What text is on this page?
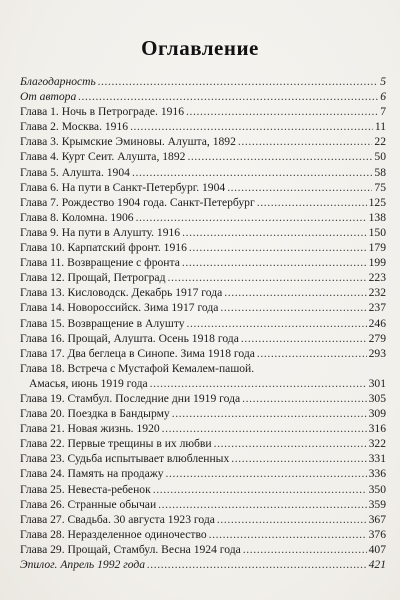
Оглавление
Благодарность .....	5
От автора .....	6
Глава 1. Ночь в Петрограде. 1916 .....	7
Глава 2. Москва. 1916 .....	11
Глава 3. Крымские Эминовы. Алушта, 1892 .....	22
Глава 4. Курт Сеит. Алушта, 1892 .....	50
Глава 5. Алушта. 1904 .....	58
Глава 6. На пути в Санкт-Петербург. 1904 .....	75
Глава 7. Рождество 1904 года. Санкт-Петербург .....	125
Глава 8. Коломна. 1906 .....	138
Глава 9. На пути в Алушту. 1916 .....	150
Глава 10. Карпатский фронт. 1916 .....	179
Глава 11. Возвращение с фронта .....	199
Глава 12. Прощай, Петроград .....	223
Глава 13. Кисловодск. Декабрь 1917 года .....	232
Глава 14. Новороссийск. Зима 1917 года .....	237
Глава 15. Возвращение в Алушту .....	246
Глава 16. Прощай, Алушта. Осень 1918 года .....	279
Глава 17. Два беглеца в Синопе. Зима 1918 года .....	293
Глава 18. Встреча с Мустафой Кемалем-пашой.
Амасья, июнь 1919 года .....	301
Глава 19. Стамбул. Последние дни 1919 года .....	305
Глава 20. Поездка в Бандырму .....	309
Глава 21. Новая жизнь. 1920 .....	316
Глава 22. Первые трещины в их любви .....	322
Глава 23. Судьба испытывает влюбленных .....	331
Глава 24. Память на продажу .....	336
Глава 25. Невеста-ребенок .....	350
Глава 26. Странные обычаи .....	359
Глава 27. Свадьба. 30 августа 1923 года .....	367
Глава 28. Неразделенное одиночество .....	376
Глава 29. Прощай, Стамбул. Весна 1924 года .....	407
Эпилог. Апрель 1992 года .....	421
